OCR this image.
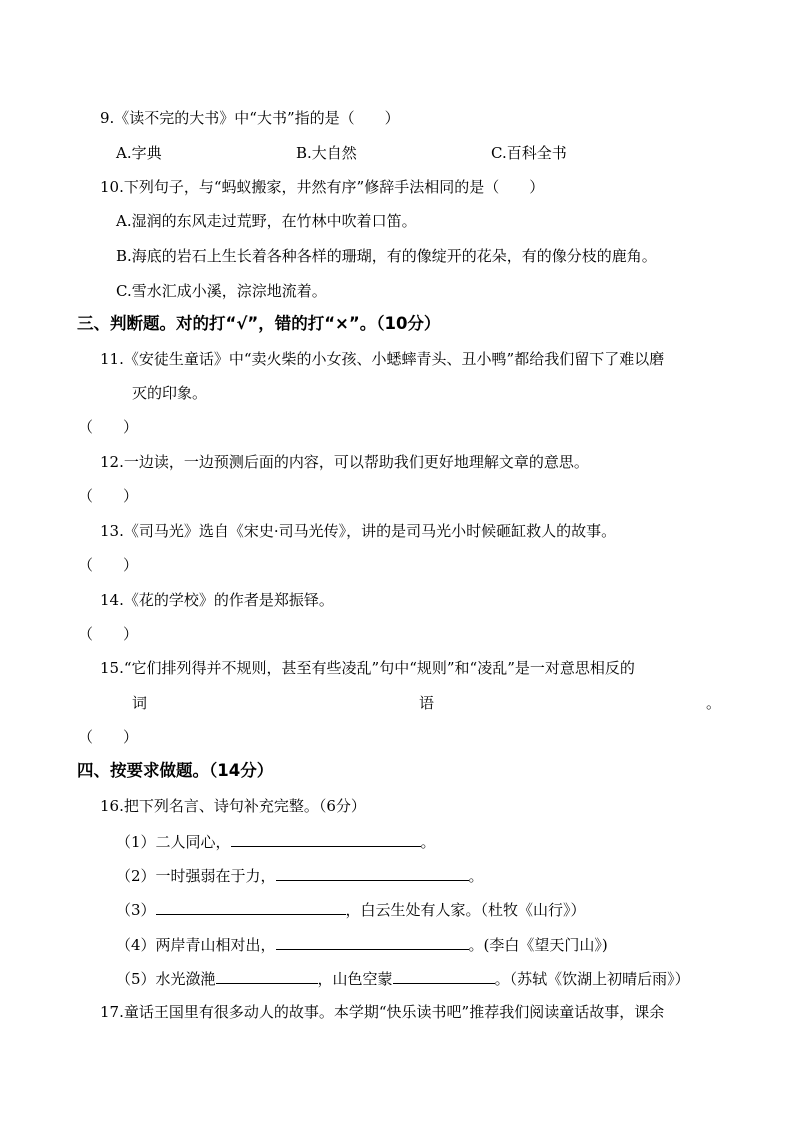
9.《读不完的大书》中“大书”指的是（　　）
A.字典	B.大自然	C.百科全书
10.下列句子，与“蚂蚁搬家，井然有序”修辞手法相同的是（　　）
A.湿润的东风走过荒野，在竹林中吹着口笛。
B.海底的岩石上生长着各种各样的珊瑚，有的像绽开的花朵，有的像分枝的鹿角。
C.雪水汇成小溪，淙淙地流着。
三、判断题。对的打“√”，错的打“×”。（10分）
11.《安徒生童话》中“卖火柴的小女孩、小蟋蟀青头、丑小鸭”都给我们留下了难以磨
灭的印象。
（　　）
12.一边读，一边预测后面的内容，可以帮助我们更好地理解文章的意思。
（　　）
13.《司马光》选自《宋史·司马光传》，讲的是司马光小时候砸缸救人的故事。
（　　）
14.《花的学校》的作者是郑振铎。
（　　）
15.“它们排列得并不规则，甚至有些凌乱”句中“规则”和“凌乱”是一对意思相反的
词	语	。
（　　）
四、按要求做题。（14分）
16.把下列名言、诗句补充完整。（6分）
（1）二人同心，	。
（2）一时强弱在于力，	。
（3）	，白云生处有人家。（杜牧《山行》）
（4）两岸青山相对出，	。(李白《望天门山》)
（5）水光潋滟	，山色空蒙	。（苏轼《饮湖上初晴后雨》）
17.童话王国里有很多动人的故事。本学期“快乐读书吧”推荐我们阅读童话故事，课余
